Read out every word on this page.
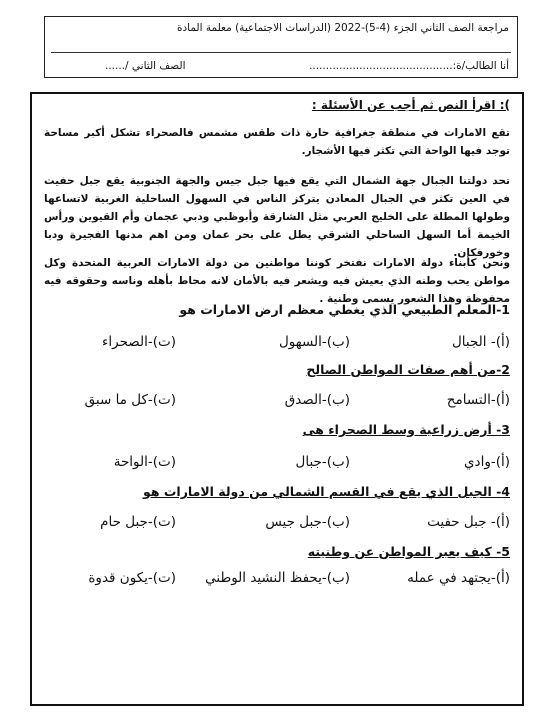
مراجعة الصف الثاني الجزء (4-5)-2022 (الدراسات الاجتماعية) معلمة المادة
أنا الطالب/ة:...........................................
الصف الثاني /......
): اقرأ النص ثم أجب عن الأسئلة :

تقع الامارات في منطقة جغرافية حارة ذات طقس مشمس فالصحراء تشكل أكبر مساحة توجد فيها الواحة التي تكثر فيها الأشجار.

تحد دولتنا الجبال جهة الشمال التي يقع فيها جبل جيس والجهة الجنوبية يقع جبل حفيت في العين تكثر في الجبال المعادن يتركز الناس في السهول الساحلية الغربية لاتساعها وطولها المطلة على الخليج العربي مثل الشارقة وأبوظبي ودبي عجمان وأم القيوين ورأس الخيمة أما السهل الساحلي الشرقي يطل على بحر عمان ومن اهم مدنها الفجيرة ودبا وخورفكان.

ونحن كأبناء دولة الامارات نفتخر كوننا مواطنين من دولة الامارات العربية المتحدة وكل مواطن يحب وطنه الذي يعيش فيه ويشعر فيه بالأمان لانه محاط بأهله وناسه وحقوقه فيه محفوظة وهذا الشعور يسمى وطنية .

1-المعلم الطبيعي الذي يغطي معظم ارض الامارات هو
(أ)- الجبال
(ب)-السهول
(ت)-الصحراء
2-من أهم صفات المواطن الصالح
(أ)-التسامح
(ب)-الصدق
(ت)-كل ما سبق
3- أرض زراعية وسط الصحراء هى
(أ)-وادي
(ب)-جبال
(ت)-الواحة
4- الجبل الذي يقع في القسم الشمالي من دولة الامارات هو
(أ)- جبل حفيت
(ب)-جبل جيس
(ت)-جبل حام
5- كيف يعبر المواطن عن وطنيته
(أ)-يجتهد في عمله
(ب)-يحفظ النشيد الوطني
(ت)-يكون قدوة
